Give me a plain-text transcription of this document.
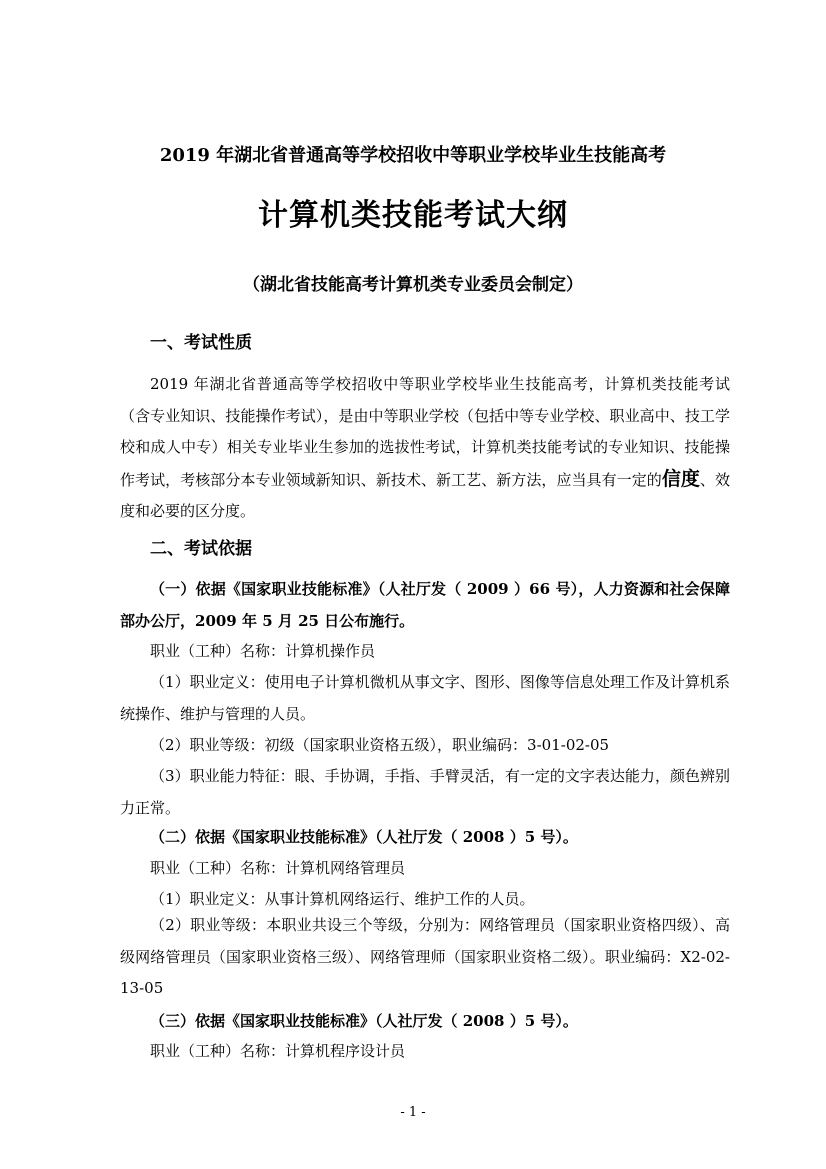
2019 年湖北省普通高等学校招收中等职业学校毕业生技能高考

计算机类技能考试大纲

（湖北省技能高考计算机类专业委员会制定）

一、考试性质

2019 年湖北省普通高等学校招收中等职业学校毕业生技能高考，计算机类技能考试（含专业知识、技能操作考试），是由中等职业学校（包括中等专业学校、职业高中、技工学校和成人中专）相关专业毕业生参加的选拔性考试，计算机类技能考试的专业知识、技能操作考试，考核部分本专业领域新知识、新技术、新工艺、新方法，应当具有一定的信度、效度和必要的区分度。

二、考试依据

（一）依据《国家职业技能标准》（人社厅发（ 2009 ）66 号），人力资源和社会保障部办公厅，2009 年 5 月 25 日公布施行。

职业（工种）名称：计算机操作员

（1）职业定义：使用电子计算机微机从事文字、图形、图像等信息处理工作及计算机系统操作、维护与管理的人员。

（2）职业等级：初级（国家职业资格五级），职业编码：3-01-02-05

（3）职业能力特征：眼、手协调，手指、手臂灵活，有一定的文字表达能力，颜色辨别力正常。

（二）依据《国家职业技能标准》（人社厅发（ 2008 ）5 号）。

职业（工种）名称：计算机网络管理员

（1）职业定义：从事计算机网络运行、维护工作的人员。

（2）职业等级：本职业共设三个等级，分别为：网络管理员（国家职业资格四级）、高级网络管理员（国家职业资格三级）、网络管理师（国家职业资格二级）。职业编码：X2-02-13-05

（三）依据《国家职业技能标准》（人社厅发（ 2008 ）5 号）。

职业（工种）名称：计算机程序设计员

- 1 -
